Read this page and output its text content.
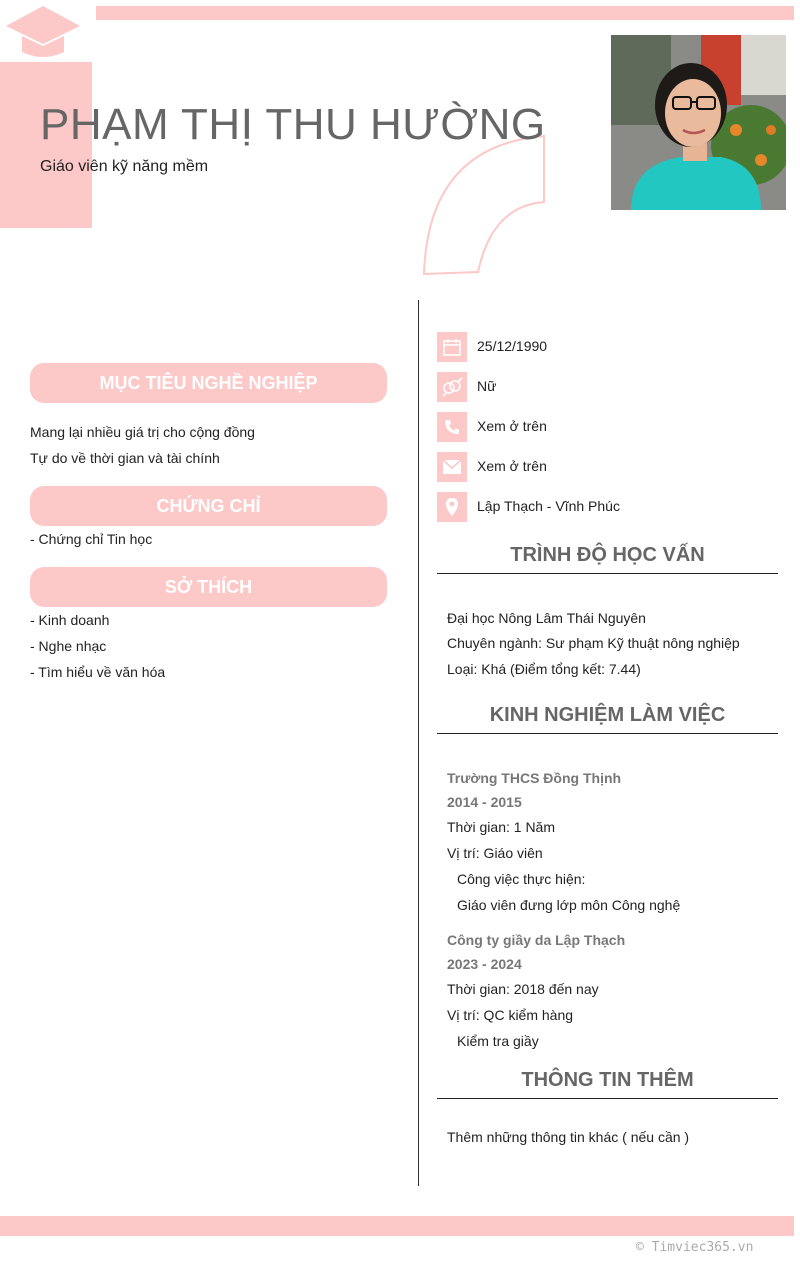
PHẠM THỊ THU HƯỜNG
Giáo viên kỹ năng mềm
MỤC TIÊU NGHỀ NGHIỆP
Mang lại nhiều giá trị cho cộng đồng
Tự do về thời gian và tài chính
CHỨNG CHỈ
- Chứng chỉ Tin học
SỞ THÍCH
- Kinh doanh
- Nghe nhạc
- Tìm hiểu về văn hóa
25/12/1990
Nữ
Xem ở trên
Xem ở trên
Lập Thạch - Vĩnh Phúc
TRÌNH ĐỘ HỌC VẤN
Đại học Nông Lâm Thái Nguyên
Chuyên ngành: Sư phạm Kỹ thuật nông nghiệp
Loại: Khá (Điểm tổng kết: 7.44)
KINH NGHIỆM LÀM VIỆC
Trường THCS Đồng Thịnh
2014 - 2015
Thời gian: 1 Năm
Vị trí: Giáo viên
Công việc thực hiện:
Giáo viên đưng lớp môn Công nghệ
Công ty giầy da Lập Thạch
2023 - 2024
Thời gian: 2018 đến nay
Vị trí: QC kiểm hàng
Kiểm tra giầy
THÔNG TIN THÊM
Thêm những thông tin khác ( nếu cần )
© Timviec365.vn
